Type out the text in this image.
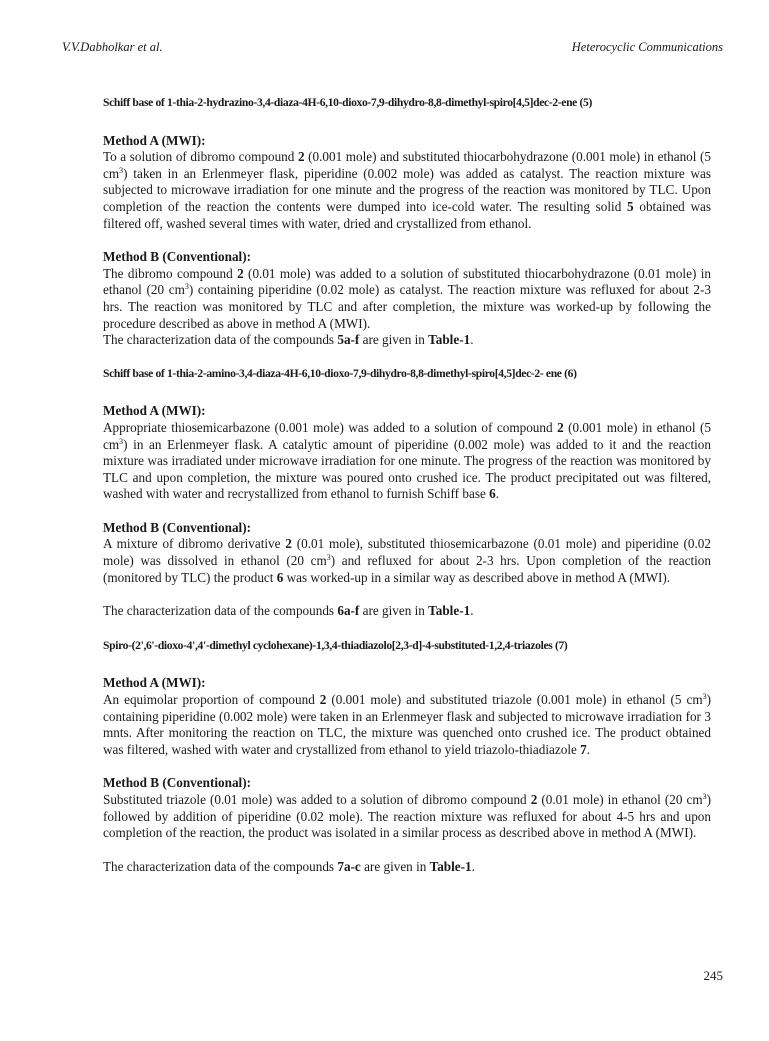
V.V.Dabholkar et al.	Heterocyclic Communications
Schiff base of 1-thia-2-hydrazino-3,4-diaza-4H-6,10-dioxo-7,9-dihydro-8,8-dimethyl-spiro[4,5]dec-2-ene (5)
Method A (MWI):

To a solution of dibromo compound 2 (0.001 mole) and substituted thiocarbohydrazone (0.001 mole) in ethanol (5 $cm^3$) taken in an Erlenmeyer flask, piperidine (0.002 mole) was added as catalyst. The reaction mixture was subjected to microwave irradiation for one minute and the progress of the reaction was monitored by TLC. Upon completion of the reaction the contents were dumped into ice-cold water. The resulting solid 5 obtained was filtered off, washed several times with water, dried and crystallized from ethanol.

Method B (Conventional):

The dibromo compound 2 (0.01 mole) was added to a solution of substituted thiocarbohydrazone (0.01 mole) in ethanol (20 $cm^3$) containing piperidine (0.02 mole) as catalyst. The reaction mixture was refluxed for about 2-3 hrs. The reaction was monitored by TLC and after completion, the mixture was worked-up by following the procedure described as above in method A (MWI).

The characterization data of the compounds 5a-f are given in Table-1.

Schiff base of 1-thia-2-amino-3,4-diaza-4H-6,10-dioxo-7,9-dihydro-8,8-dimethyl-spiro[4,5]dec-2- ene (6)
Method A (MWI):

Appropriate thiosemicarbazone (0.001 mole) was added to a solution of compound 2 (0.001 mole) in ethanol (5 $cm^3$) in an Erlenmeyer flask. A catalytic amount of piperidine (0.002 mole) was added to it and the reaction mixture was irradiated under microwave irradiation for one minute. The progress of the reaction was monitored by TLC and upon completion, the mixture was poured onto crushed ice. The product precipitated out was filtered, washed with water and recrystallized from ethanol to furnish Schiff base 6.

Method B (Conventional):

A mixture of dibromo derivative 2 (0.01 mole), substituted thiosemicarbazone (0.01 mole) and piperidine (0.02 mole) was dissolved in ethanol (20 $cm^3$) and refluxed for about 2-3 hrs. Upon completion of the reaction (monitored by TLC) the product 6 was worked-up in a similar way as described above in method A (MWI).

The characterization data of the compounds 6a-f are given in Table-1.

Spiro-(2',6'-dioxo-4',4'-dimethyl cyclohexane)-1,3,4-thiadiazolo[2,3-d]-4-substituted-1,2,4-triazoles (7)
Method A (MWI):

An equimolar proportion of compound 2 (0.001 mole) and substituted triazole (0.001 mole) in ethanol (5 $cm^3$) containing piperidine (0.002 mole) were taken in an Erlenmeyer flask and subjected to microwave irradiation for 3 mnts. After monitoring the reaction on TLC, the mixture was quenched onto crushed ice. The product obtained was filtered, washed with water and crystallized from ethanol to yield triazolo-thiadiazole 7.

Method B (Conventional):

Substituted triazole (0.01 mole) was added to a solution of dibromo compound 2 (0.01 mole) in ethanol (20 $cm^3$) followed by addition of piperidine (0.02 mole). The reaction mixture was refluxed for about 4-5 hrs and upon completion of the reaction, the product was isolated in a similar process as described above in method A (MWI).

The characterization data of the compounds 7a-c are given in Table-1.

245
